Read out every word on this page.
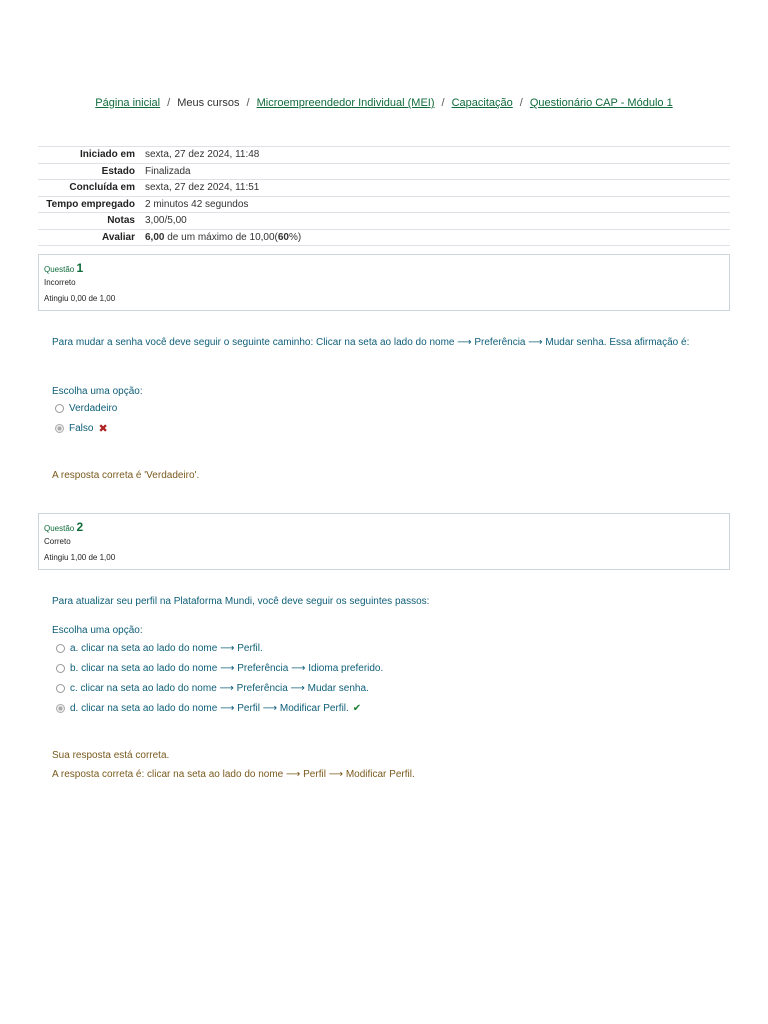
Página inicial / Meus cursos / Microempreendedor Individual (MEI) / Capacitação / Questionário CAP - Módulo 1
Iniciado em	sexta, 27 dez 2024, 11:48
Estado	Finalizada
Concluída em	sexta, 27 dez 2024, 11:51
Tempo empregado	2 minutos 42 segundos
Notas	3,00/5,00
Avaliar	6,00 de um máximo de 10,00(60%)
Questão 1
Incorreto
Atingiu 0,00 de 1,00
Para mudar a senha você deve seguir o seguinte caminho: Clicar na seta ao lado do nome ⟶ Preferência ⟶ Mudar senha. Essa afirmação é:
Escolha uma opção:
Verdadeiro
Falso ✖
A resposta correta é 'Verdadeiro'.
Questão 2
Correto
Atingiu 1,00 de 1,00
Para atualizar seu perfil na Plataforma Mundi, você deve seguir os seguintes passos:
Escolha uma opção:
a. clicar na seta ao lado do nome ⟶ Perfil.
b. clicar na seta ao lado do nome ⟶ Preferência ⟶ Idioma preferido.
c. clicar na seta ao lado do nome ⟶ Preferência ⟶ Mudar senha.
d. clicar na seta ao lado do nome ⟶ Perfil ⟶ Modificar Perfil. ✔
Sua resposta está correta.
A resposta correta é: clicar na seta ao lado do nome ⟶ Perfil ⟶ Modificar Perfil.
